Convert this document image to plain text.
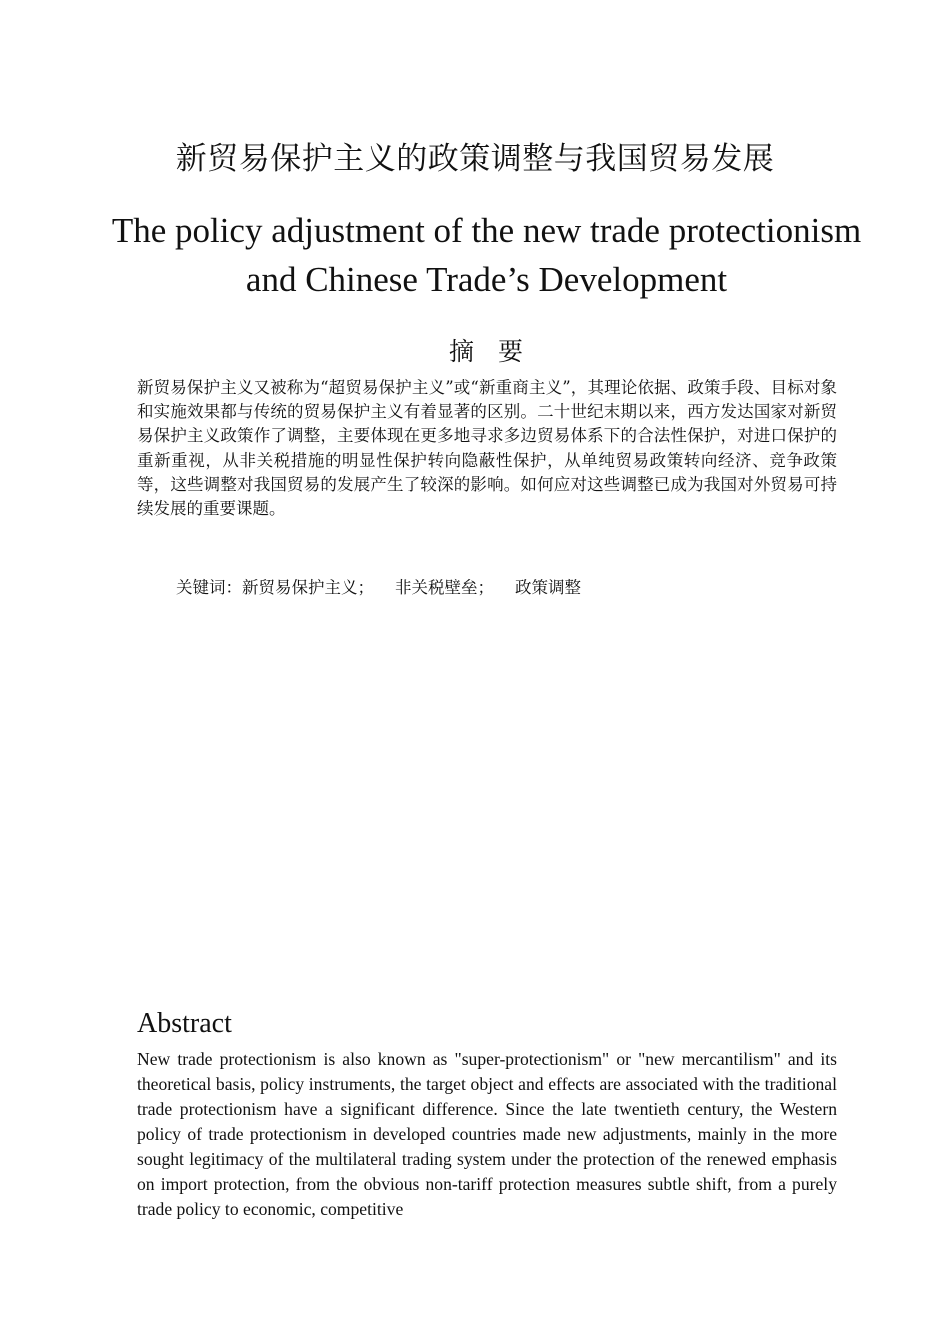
新贸易保护主义的政策调整与我国贸易发展
The policy adjustment of the new trade protectionism and Chinese Trade’s Development
摘 要
新贸易保护主义又被称为“超贸易保护主义”或“新重商主义”，其理论依据、政策手段、目标对象和实施效果都与传统的贸易保护主义有着显著的区别。二十世纪末期以来，西方发达国家对新贸易保护主义政策作了调整，主要体现在更多地寻求多边贸易体系下的合法性保护，对进口保护的重新重视，从非关税措施的明显性保护转向隐蔽性保护，从单纯贸易政策转向经济、竞争政策等，这些调整对我国贸易的发展产生了较深的影响。如何应对这些调整已成为我国对外贸易可持续发展的重要课题。
关键词：新贸易保护主义； 非关税壁垒； 政策调整
Abstract
New trade protectionism is also known as "super-protectionism" or "new mercantilism" and its theoretical basis, policy instruments, the target object and effects are associated with the traditional trade protectionism have a significant difference. Since the late twentieth century, the Western policy of trade protectionism in developed countries made new adjustments, mainly in the more sought legitimacy of the multilateral trading system under the protection of the renewed emphasis on import protection, from the obvious non-tariff protection measures subtle shift, from a purely trade policy to economic, competitive
